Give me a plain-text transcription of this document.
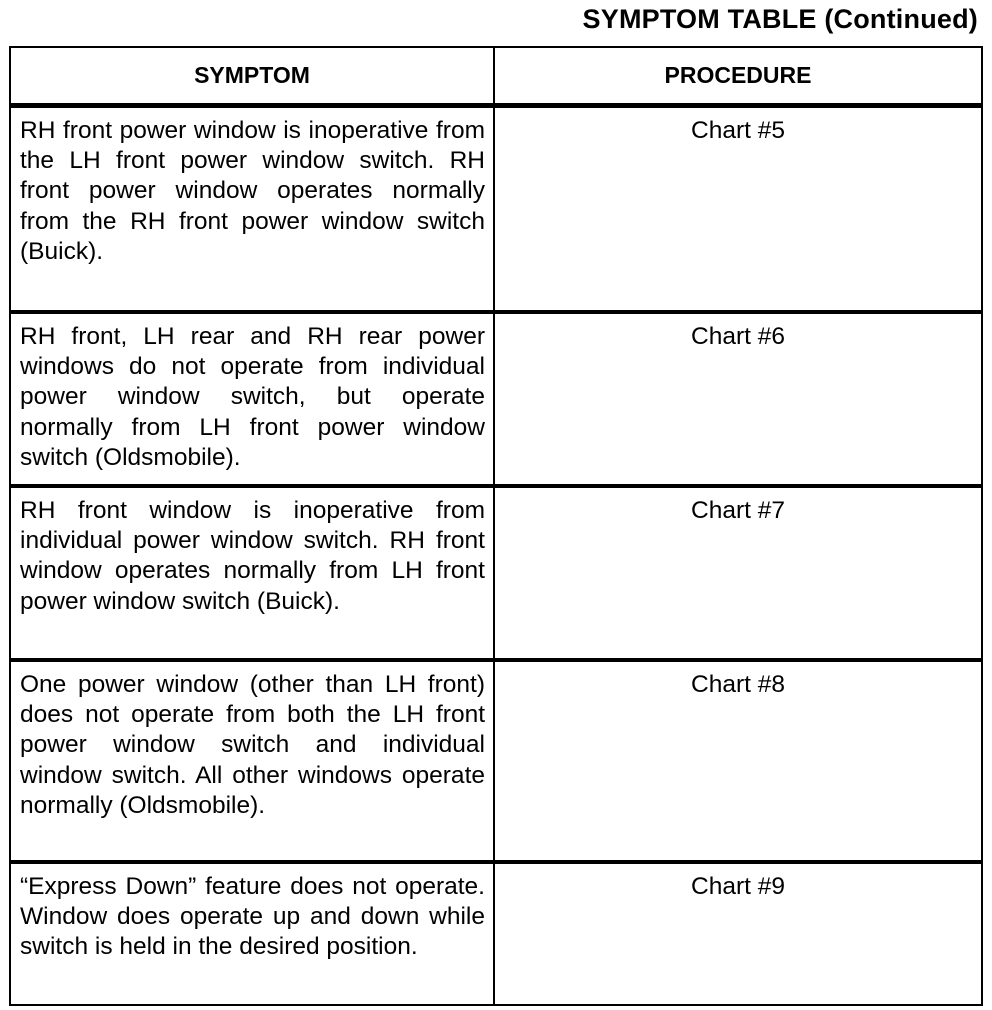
SYMPTOM TABLE (Continued)
SYMPTOM	PROCEDURE

RH front power window is inoperative from the LH front power window switch. RH front power window operates normally from the RH front power window switch (Buick).	Chart #5

RH front, LH rear and RH rear power windows do not operate from individual power window switch, but operate normally from LH front power window switch (Oldsmobile).	Chart #6

RH front window is inoperative from individual power window switch. RH front window operates normally from LH front power window switch (Buick).	Chart #7

One power window (other than LH front) does not operate from both the LH front power window switch and individual window switch. All other windows operate normally (Oldsmobile).	Chart #8

“Express Down” feature does not operate. Window does operate up and down while switch is held in the desired position.	Chart #9
